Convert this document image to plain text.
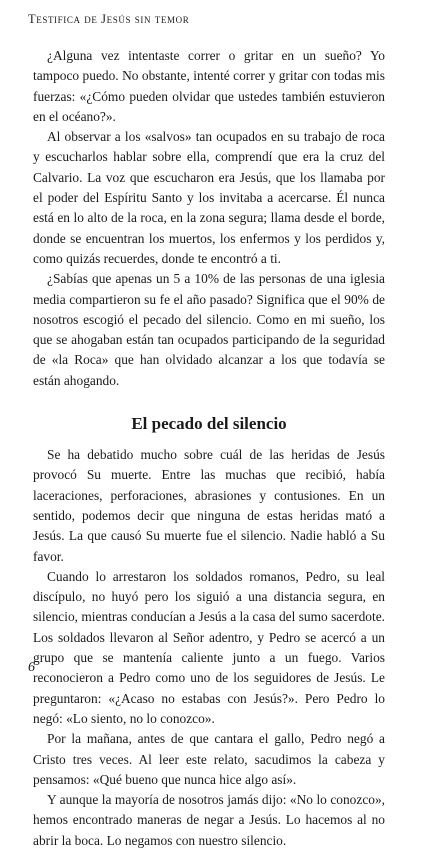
Testifica de Jesús sin temor

¿Alguna vez intentaste correr o gritar en un sueño? Yo tampoco puedo. No obstante, intenté correr y gritar con todas mis fuerzas: «¿Cómo pueden olvidar que ustedes también estuvieron en el océano?».

Al observar a los «salvos» tan ocupados en su trabajo de roca y escucharlos hablar sobre ella, comprendí que era la cruz del Calvario. La voz que escucharon era Jesús, que los llamaba por el poder del Espíritu Santo y los invitaba a acercarse. Él nunca está en lo alto de la roca, en la zona segura; llama desde el borde, donde se encuentran los muertos, los enfermos y los perdidos y, como quizás recuerdes, donde te encontró a ti.

¿Sabías que apenas un 5 a 10% de las personas de una iglesia media compartieron su fe el año pasado? Significa que el 90% de nosotros escogió el pecado del silencio. Como en mi sueño, los que se ahogaban están tan ocupados participando de la seguridad de «la Roca» que han olvidado alcanzar a los que todavía se están ahogando.

El pecado del silencio

Se ha debatido mucho sobre cuál de las heridas de Jesús provocó Su muerte. Entre las muchas que recibió, había laceraciones, perforaciones, abrasiones y contusiones. En un sentido, podemos decir que ninguna de estas heridas mató a Jesús. La que causó Su muerte fue el silencio. Nadie habló a Su favor.

Cuando lo arrestaron los soldados romanos, Pedro, su leal discípulo, no huyó pero los siguió a una distancia segura, en silencio, mientras conducían a Jesús a la casa del sumo sacerdote. Los soldados llevaron al Señor adentro, y Pedro se acercó a un grupo que se mantenía caliente junto a un fuego. Varios reconocieron a Pedro como uno de los seguidores de Jesús. Le preguntaron: «¿Acaso no estabas con Jesús?». Pero Pedro lo negó: «Lo siento, no lo conozco».

Por la mañana, antes de que cantara el gallo, Pedro negó a Cristo tres veces. Al leer este relato, sacudimos la cabeza y pensamos: «Qué bueno que nunca hice algo así».

Y aunque la mayoría de nosotros jamás dijo: «No lo conozco», hemos encontrado maneras de negar a Jesús. Lo hacemos al no abrir la boca. Lo negamos con nuestro silencio.

6
